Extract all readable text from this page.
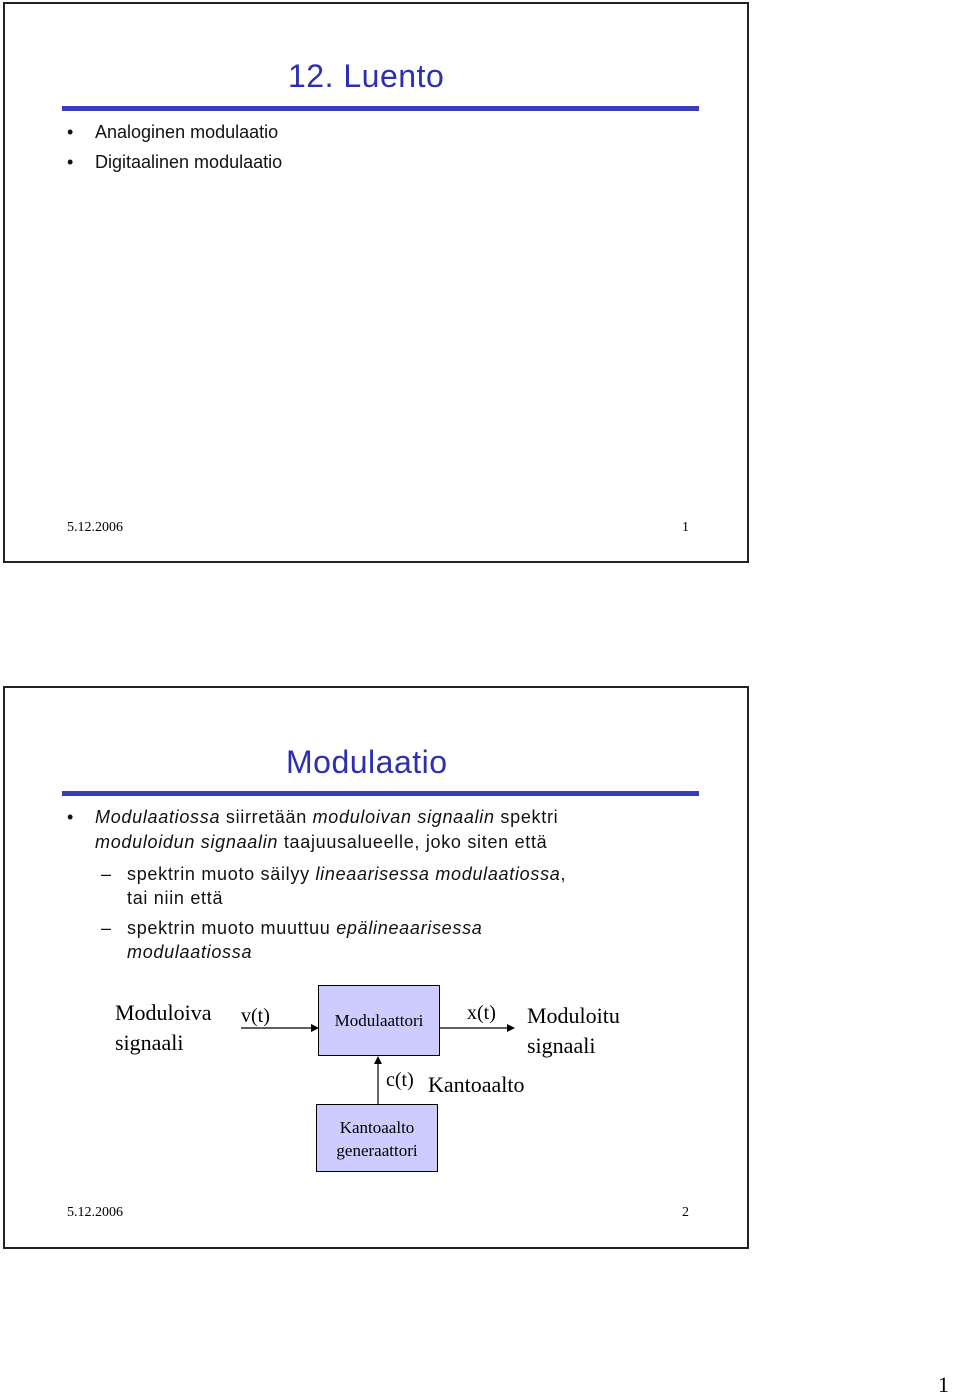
12. Luento
• Analoginen modulaatio
• Digitaalinen modulaatio
5.12.2006	1
Modulaatio
• Modulaatiossa siirretään moduloivan signaalin spektri
moduloidun signaalin taajuusalueelle, joko siten että
– spektrin muoto säilyy lineaarisessa modulaatiossa,
tai niin että
– spektrin muoto muuttuu epälineaarisessa
modulaatiossa
Moduloiva
signaali
v(t)	Modulaattori	x(t) Moduloitu
signaali
c(t) Kantoaalto
Kantoaalto
generaattori
5.12.2006	2
1
